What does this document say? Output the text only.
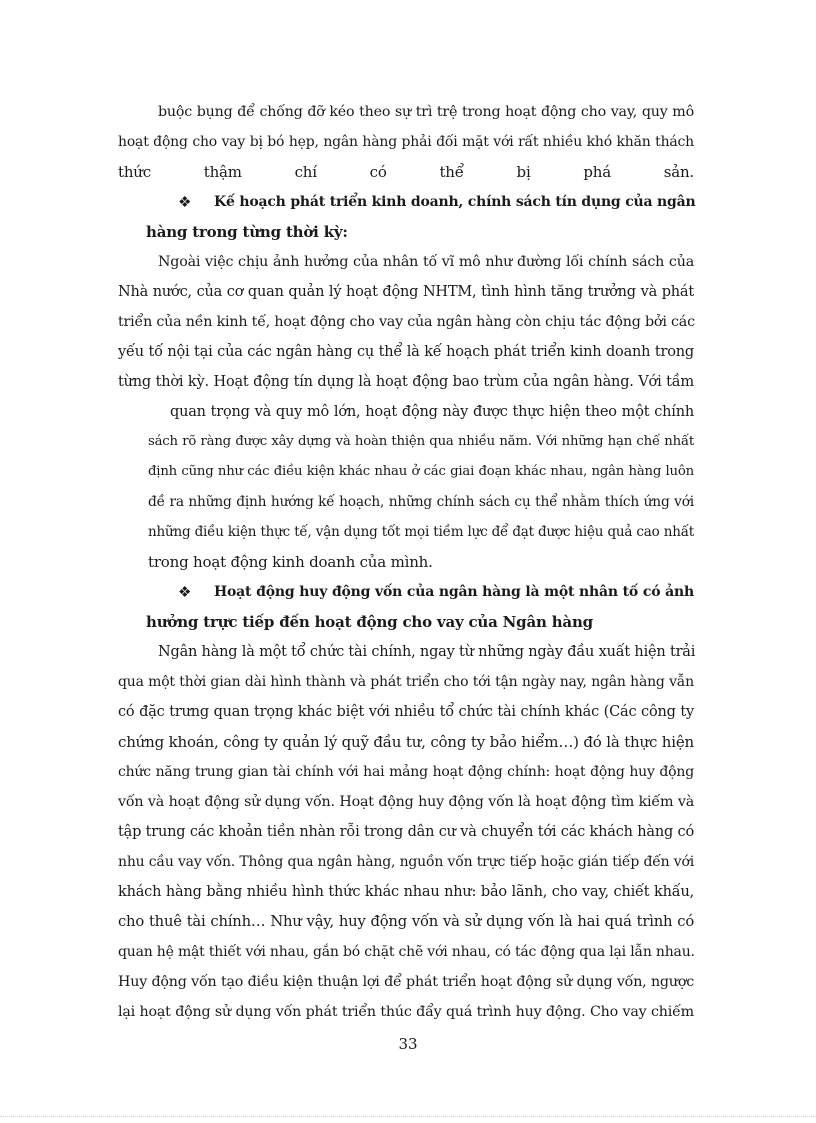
buộc bụng để chống đỡ kéo theo sự trì trệ trong hoạt động cho vay, quy mô
hoạt động cho vay bị bó hẹp, ngân hàng phải đối mặt với rất nhiều khó khăn thách
thức thậm chí có thể bị phá sản.
❖ Kế hoạch phát triển kinh doanh, chính sách tín dụng của ngân
hàng trong từng thời kỳ:
Ngoài việc chịu ảnh hưởng của nhân tố vĩ mô như đường lối chính sách của
Nhà nước, của cơ quan quản lý hoạt động NHTM, tình hình tăng trưởng và phát
triển của nền kinh tế, hoạt động cho vay của ngân hàng còn chịu tác động bởi các
yếu tố nội tại của các ngân hàng cụ thể là kế hoạch phát triển kinh doanh trong
từng thời kỳ. Hoạt động tín dụng là hoạt động bao trùm của ngân hàng. Với tầm
quan trọng và quy mô lớn, hoạt động này được thực hiện theo một chính
sách rõ ràng được xây dựng và hoàn thiện qua nhiều năm. Với những hạn chế nhất
định cũng như các điều kiện khác nhau ở các giai đoạn khác nhau, ngân hàng luôn
đề ra những định hướng kế hoạch, những chính sách cụ thể nhằm thích ứng với
những điều kiện thực tế, vận dụng tốt mọi tiềm lực để đạt được hiệu quả cao nhất
trong hoạt động kinh doanh của mình.
❖ Hoạt động huy động vốn của ngân hàng là một nhân tố có ảnh
hưởng trực tiếp đến hoạt động cho vay của Ngân hàng
Ngân hàng là một tổ chức tài chính, ngay từ những ngày đầu xuất hiện trải
qua một thời gian dài hình thành và phát triển cho tới tận ngày nay, ngân hàng vẫn
có đặc trưng quan trọng khác biệt với nhiều tổ chức tài chính khác (Các công ty
chứng khoán, công ty quản lý quỹ đầu tư, công ty bảo hiểm…) đó là thực hiện
chức năng trung gian tài chính với hai mảng hoạt động chính: hoạt động huy động
vốn và hoạt động sử dụng vốn. Hoạt động huy động vốn là hoạt động tìm kiếm và
tập trung các khoản tiền nhàn rỗi trong dân cư và chuyển tới các khách hàng có
nhu cầu vay vốn. Thông qua ngân hàng, nguồn vốn trực tiếp hoặc gián tiếp đến với
khách hàng bằng nhiều hình thức khác nhau như: bảo lãnh, cho vay, chiết khấu,
cho thuê tài chính… Như vậy, huy động vốn và sử dụng vốn là hai quá trình có
quan hệ mật thiết với nhau, gắn bó chặt chẽ với nhau, có tác động qua lại lẫn nhau.
Huy động vốn tạo điều kiện thuận lợi để phát triển hoạt động sử dụng vốn, ngược
lại hoạt động sử dụng vốn phát triển thúc đẩy quá trình huy động. Cho vay chiếm
33
